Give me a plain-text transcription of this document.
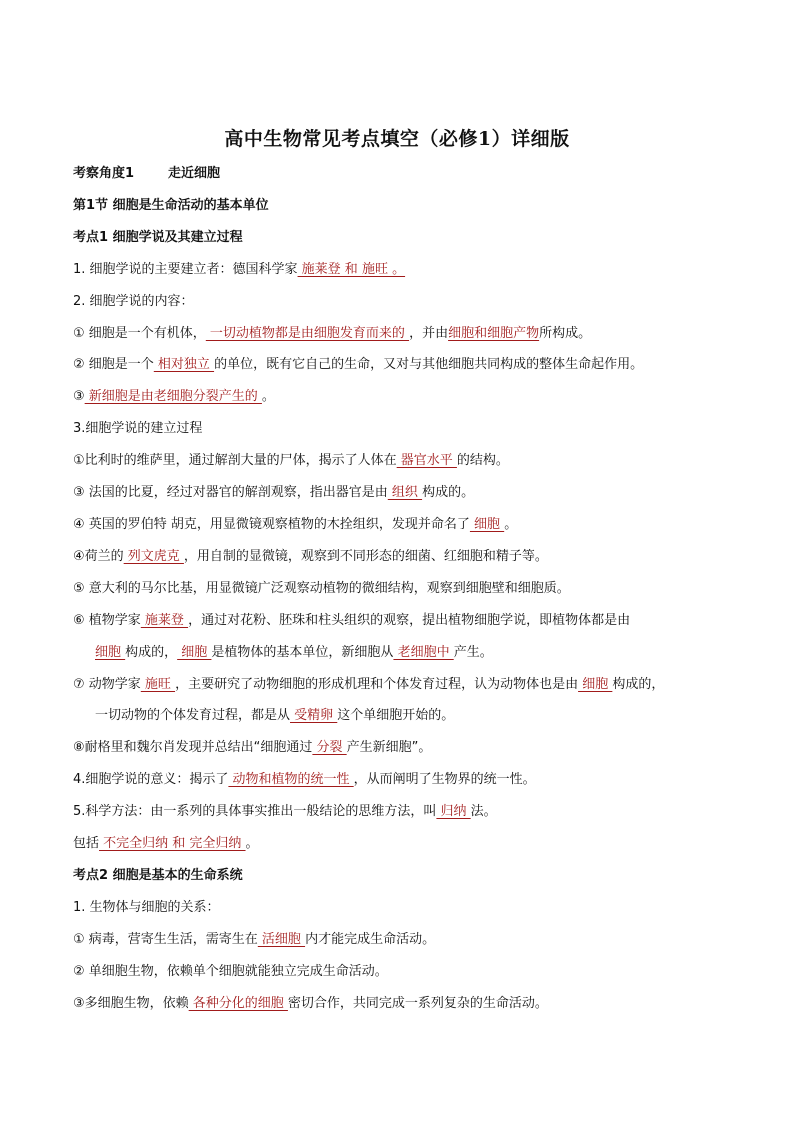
高中生物常见考点填空（必修1）详细版
考察角度1	走近细胞
第1节 细胞是生命活动的基本单位
考点1 细胞学说及其建立过程
1. 细胞学说的主要建立者：德国科学家 施莱登 和 施旺 。
2. 细胞学说的内容：
① 细胞是一个有机体， 一切动植物都是由细胞发育而来的 ，并由细胞和细胞产物所构成。
② 细胞是一个 相对独立 的单位，既有它自己的生命，又对与其他细胞共同构成的整体生命起作用。
③ 新细胞是由老细胞分裂产生的 。
3.细胞学说的建立过程
①比利时的维萨里，通过解剖大量的尸体，揭示了人体在 器官水平 的结构。
③ 法国的比夏，经过对器官的解剖观察，指出器官是由 组织 构成的。
④ 英国的罗伯特 胡克，用显微镜观察植物的木拴组织，发现并命名了 细胞 。
④荷兰的 列文虎克 ，用自制的显微镜，观察到不同形态的细菌、红细胞和精子等。
⑤ 意大利的马尔比基，用显微镜广泛观察动植物的微细结构，观察到细胞壁和细胞质。
⑥ 植物学家 施莱登 ，通过对花粉、胚珠和柱头组织的观察，提出植物细胞学说，即植物体都是由
细胞 构成的， 细胞 是植物体的基本单位，新细胞从 老细胞中 产生。
⑦ 动物学家 施旺 ，主要研究了动物细胞的形成机理和个体发育过程，认为动物体也是由 细胞 构成的，
一切动物的个体发育过程，都是从 受精卵 这个单细胞开始的。
⑧耐格里和魏尔肖发现并总结出“细胞通过 分裂 产生新细胞”。
4.细胞学说的意义：揭示了 动物和植物的统一性 ，从而阐明了生物界的统一性。
5.科学方法：由一系列的具体事实推出一般结论的思维方法，叫 归纳 法。
包括 不完全归纳 和 完全归纳 。
考点2 细胞是基本的生命系统
1. 生物体与细胞的关系：
① 病毒，营寄生生活，需寄生在 活细胞 内才能完成生命活动。
② 单细胞生物，依赖单个细胞就能独立完成生命活动。
③多细胞生物，依赖 各种分化的细胞 密切合作，共同完成一系列复杂的生命活动。
